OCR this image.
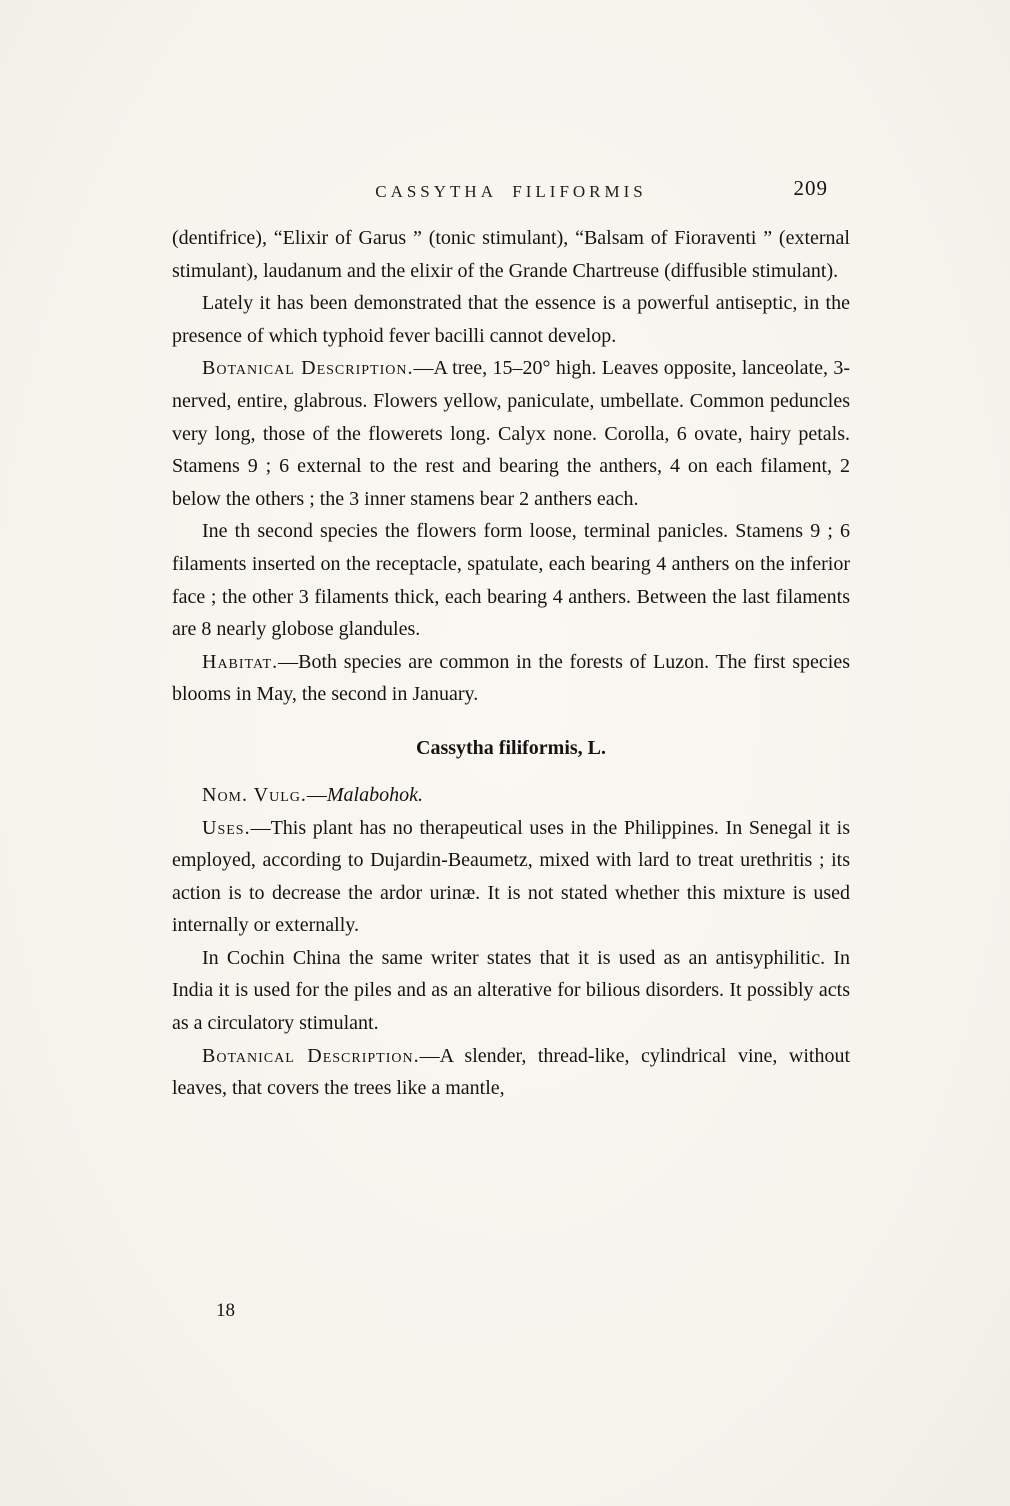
CASSYTHA FILIFORMIS	209

(dentifrice), “Elixir of Garus ” (tonic stimulant), “Balsam of Fioraventi ” (external stimulant), laudanum and the elixir of the Grande Chartreuse (diffusible stimulant).

Lately it has been demonstrated that the essence is a powerful antiseptic, in the presence of which typhoid fever bacilli cannot develop.

Botanical Description.—A tree, 15–20° high. Leaves opposite, lanceolate, 3-nerved, entire, glabrous. Flowers yellow, paniculate, umbellate. Common peduncles very long, those of the flowerets long. Calyx none. Corolla, 6 ovate, hairy petals. Stamens 9 ; 6 external to the rest and bearing the anthers, 4 on each filament, 2 below the others ; the 3 inner stamens bear 2 anthers each.

Ine th second species the flowers form loose, terminal panicles. Stamens 9 ; 6 filaments inserted on the receptacle, spatulate, each bearing 4 anthers on the inferior face ; the other 3 filaments thick, each bearing 4 anthers. Between the last filaments are 8 nearly globose glandules.

Habitat.—Both species are common in the forests of Luzon. The first species blooms in May, the second in January.

Cassytha filiformis, L.

Nom. Vulg.—Malabohok.

Uses.—This plant has no therapeutical uses in the Philippines. In Senegal it is employed, according to Dujardin-Beaumetz, mixed with lard to treat urethritis ; its action is to decrease the ardor urinæ. It is not stated whether this mixture is used internally or externally.

In Cochin China the same writer states that it is used as an antisyphilitic. In India it is used for the piles and as an alterative for bilious disorders. It possibly acts as a circulatory stimulant.

Botanical Description.—A slender, thread-like, cylindrical vine, without leaves, that covers the trees like a mantle,

18
